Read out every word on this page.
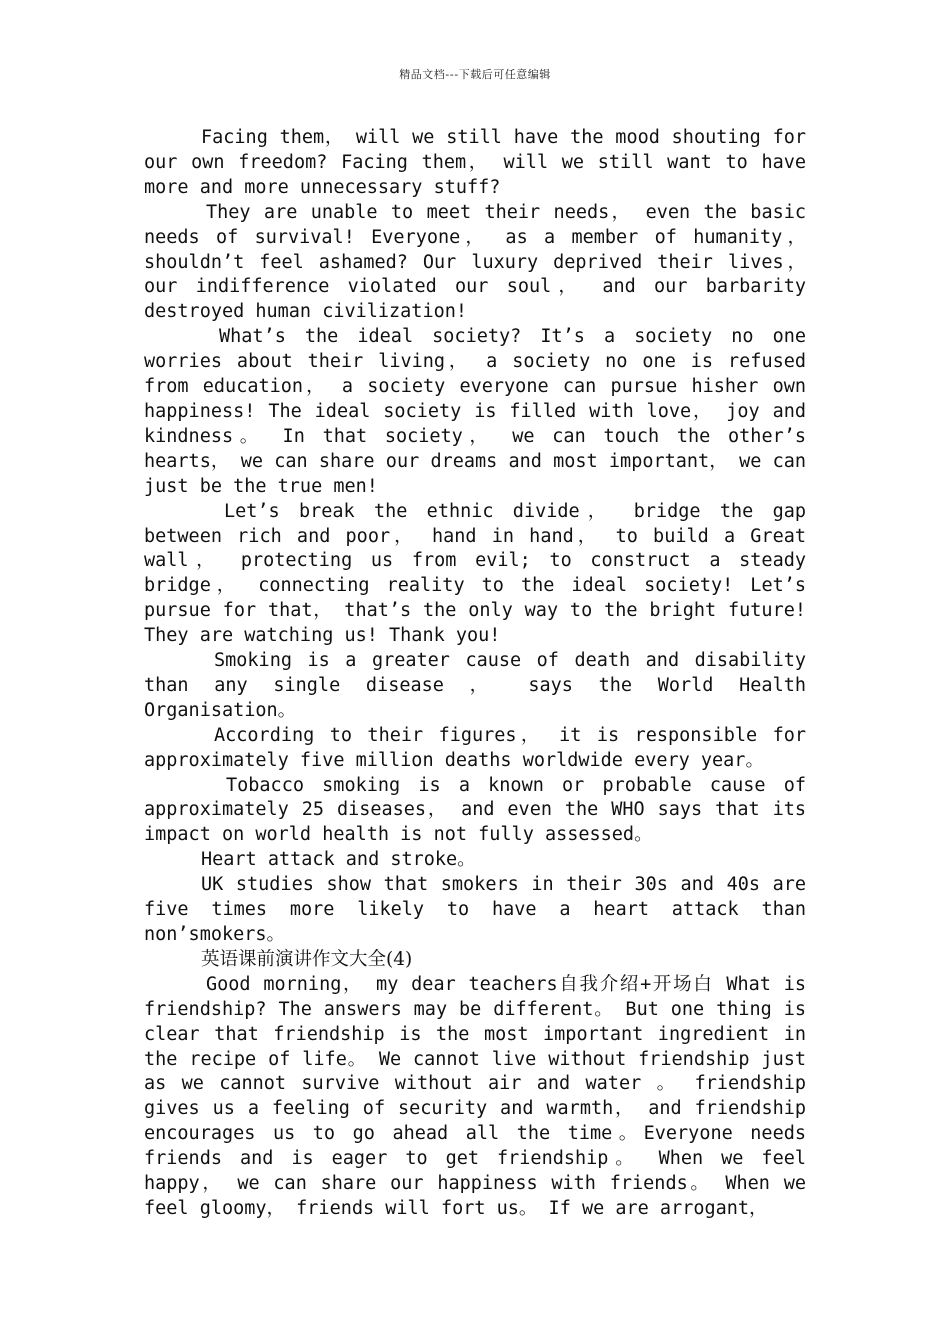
精品文档---下载后可任意编辑

Facing them， will we still have the mood shouting for our own freedom? Facing them， will we still want to have more and more unnecessary stuff?

They are unable to meet their needs， even the basic needs of survival! Everyone， as a member of humanity， shouldn’t feel ashamed? Our luxury deprived their lives， our indifference violated our soul， and our barbarity destroyed human civilization!

What’s the ideal society? It’s a society no one worries about their living， a society no one is refused from education， a society everyone can pursue hisher own happiness! The ideal society is filled with love， joy and kindness。 In that society， we can touch the other’s hearts， we can share our dreams and most important， we can just be the true men!

Let’s break the ethnic divide， bridge the gap between rich and poor， hand in hand， to build a Great wall， protecting us from evil; to construct a steady bridge， connecting reality to the ideal society! Let’s pursue for that， that’s the only way to the bright future! They are watching us! Thank you!

Smoking is a greater cause of death and disability than any single disease ， says the World Health Organisation。

According to their figures， it is responsible for approximately five million deaths worldwide every year。

Tobacco smoking is a known or probable cause of approximately 25 diseases， and even the WHO says that its impact on world health is not fully assessed。

Heart attack and stroke。

UK studies show that smokers in their 30s and 40s are five times more likely to have a heart attack than non’smokers。

英语课前演讲作文大全(4)

Good morning， my dear teachers自我介绍+开场白 What is friendship? The answers may be different。 But one thing is clear that friendship is the most important ingredient in the recipe of life。 We cannot live without friendship just as we cannot survive without air and water 。 friendship gives us a feeling of security and warmth， and friendship encourages us to go ahead all the time。Everyone needs friends and is eager to get friendship。 When we feel happy， we can share our happiness with friends。 When we feel gloomy， friends will fort us。 If we are arrogant，
